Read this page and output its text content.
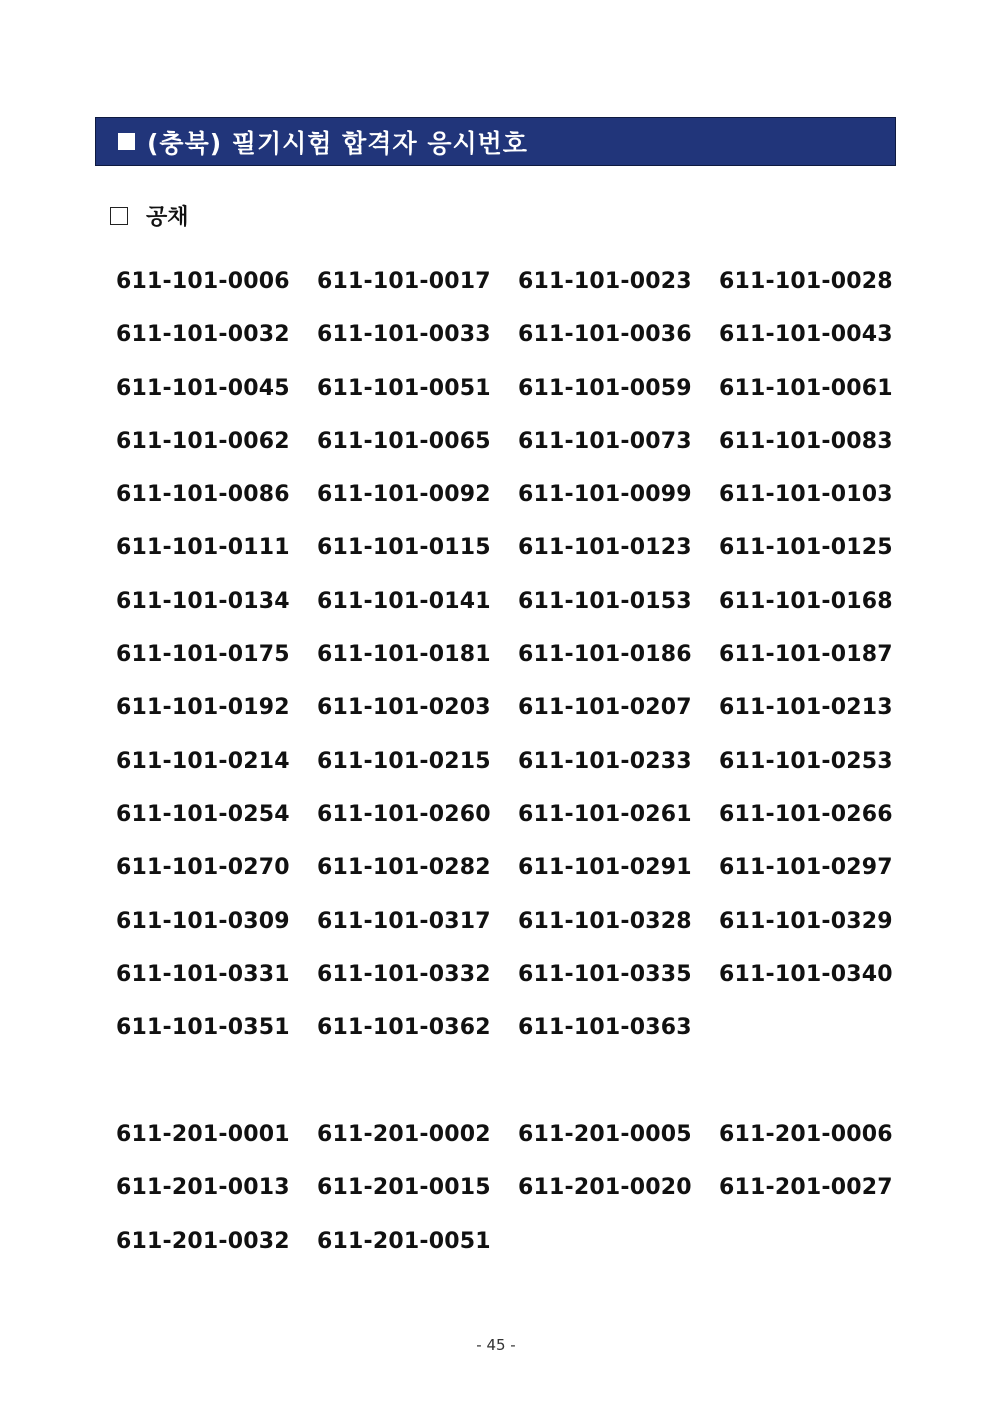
(충북) 필기시험 합격자 응시번호
공채
611-101-0006	611-101-0017	611-101-0023	611-101-0028
611-101-0032	611-101-0033	611-101-0036	611-101-0043
611-101-0045	611-101-0051	611-101-0059	611-101-0061
611-101-0062	611-101-0065	611-101-0073	611-101-0083
611-101-0086	611-101-0092	611-101-0099	611-101-0103
611-101-0111	611-101-0115	611-101-0123	611-101-0125
611-101-0134	611-101-0141	611-101-0153	611-101-0168
611-101-0175	611-101-0181	611-101-0186	611-101-0187
611-101-0192	611-101-0203	611-101-0207	611-101-0213
611-101-0214	611-101-0215	611-101-0233	611-101-0253
611-101-0254	611-101-0260	611-101-0261	611-101-0266
611-101-0270	611-101-0282	611-101-0291	611-101-0297
611-101-0309	611-101-0317	611-101-0328	611-101-0329
611-101-0331	611-101-0332	611-101-0335	611-101-0340
611-101-0351	611-101-0362	611-101-0363
611-201-0001	611-201-0002	611-201-0005	611-201-0006
611-201-0013	611-201-0015	611-201-0020	611-201-0027
611-201-0032	611-201-0051
- 45 -
